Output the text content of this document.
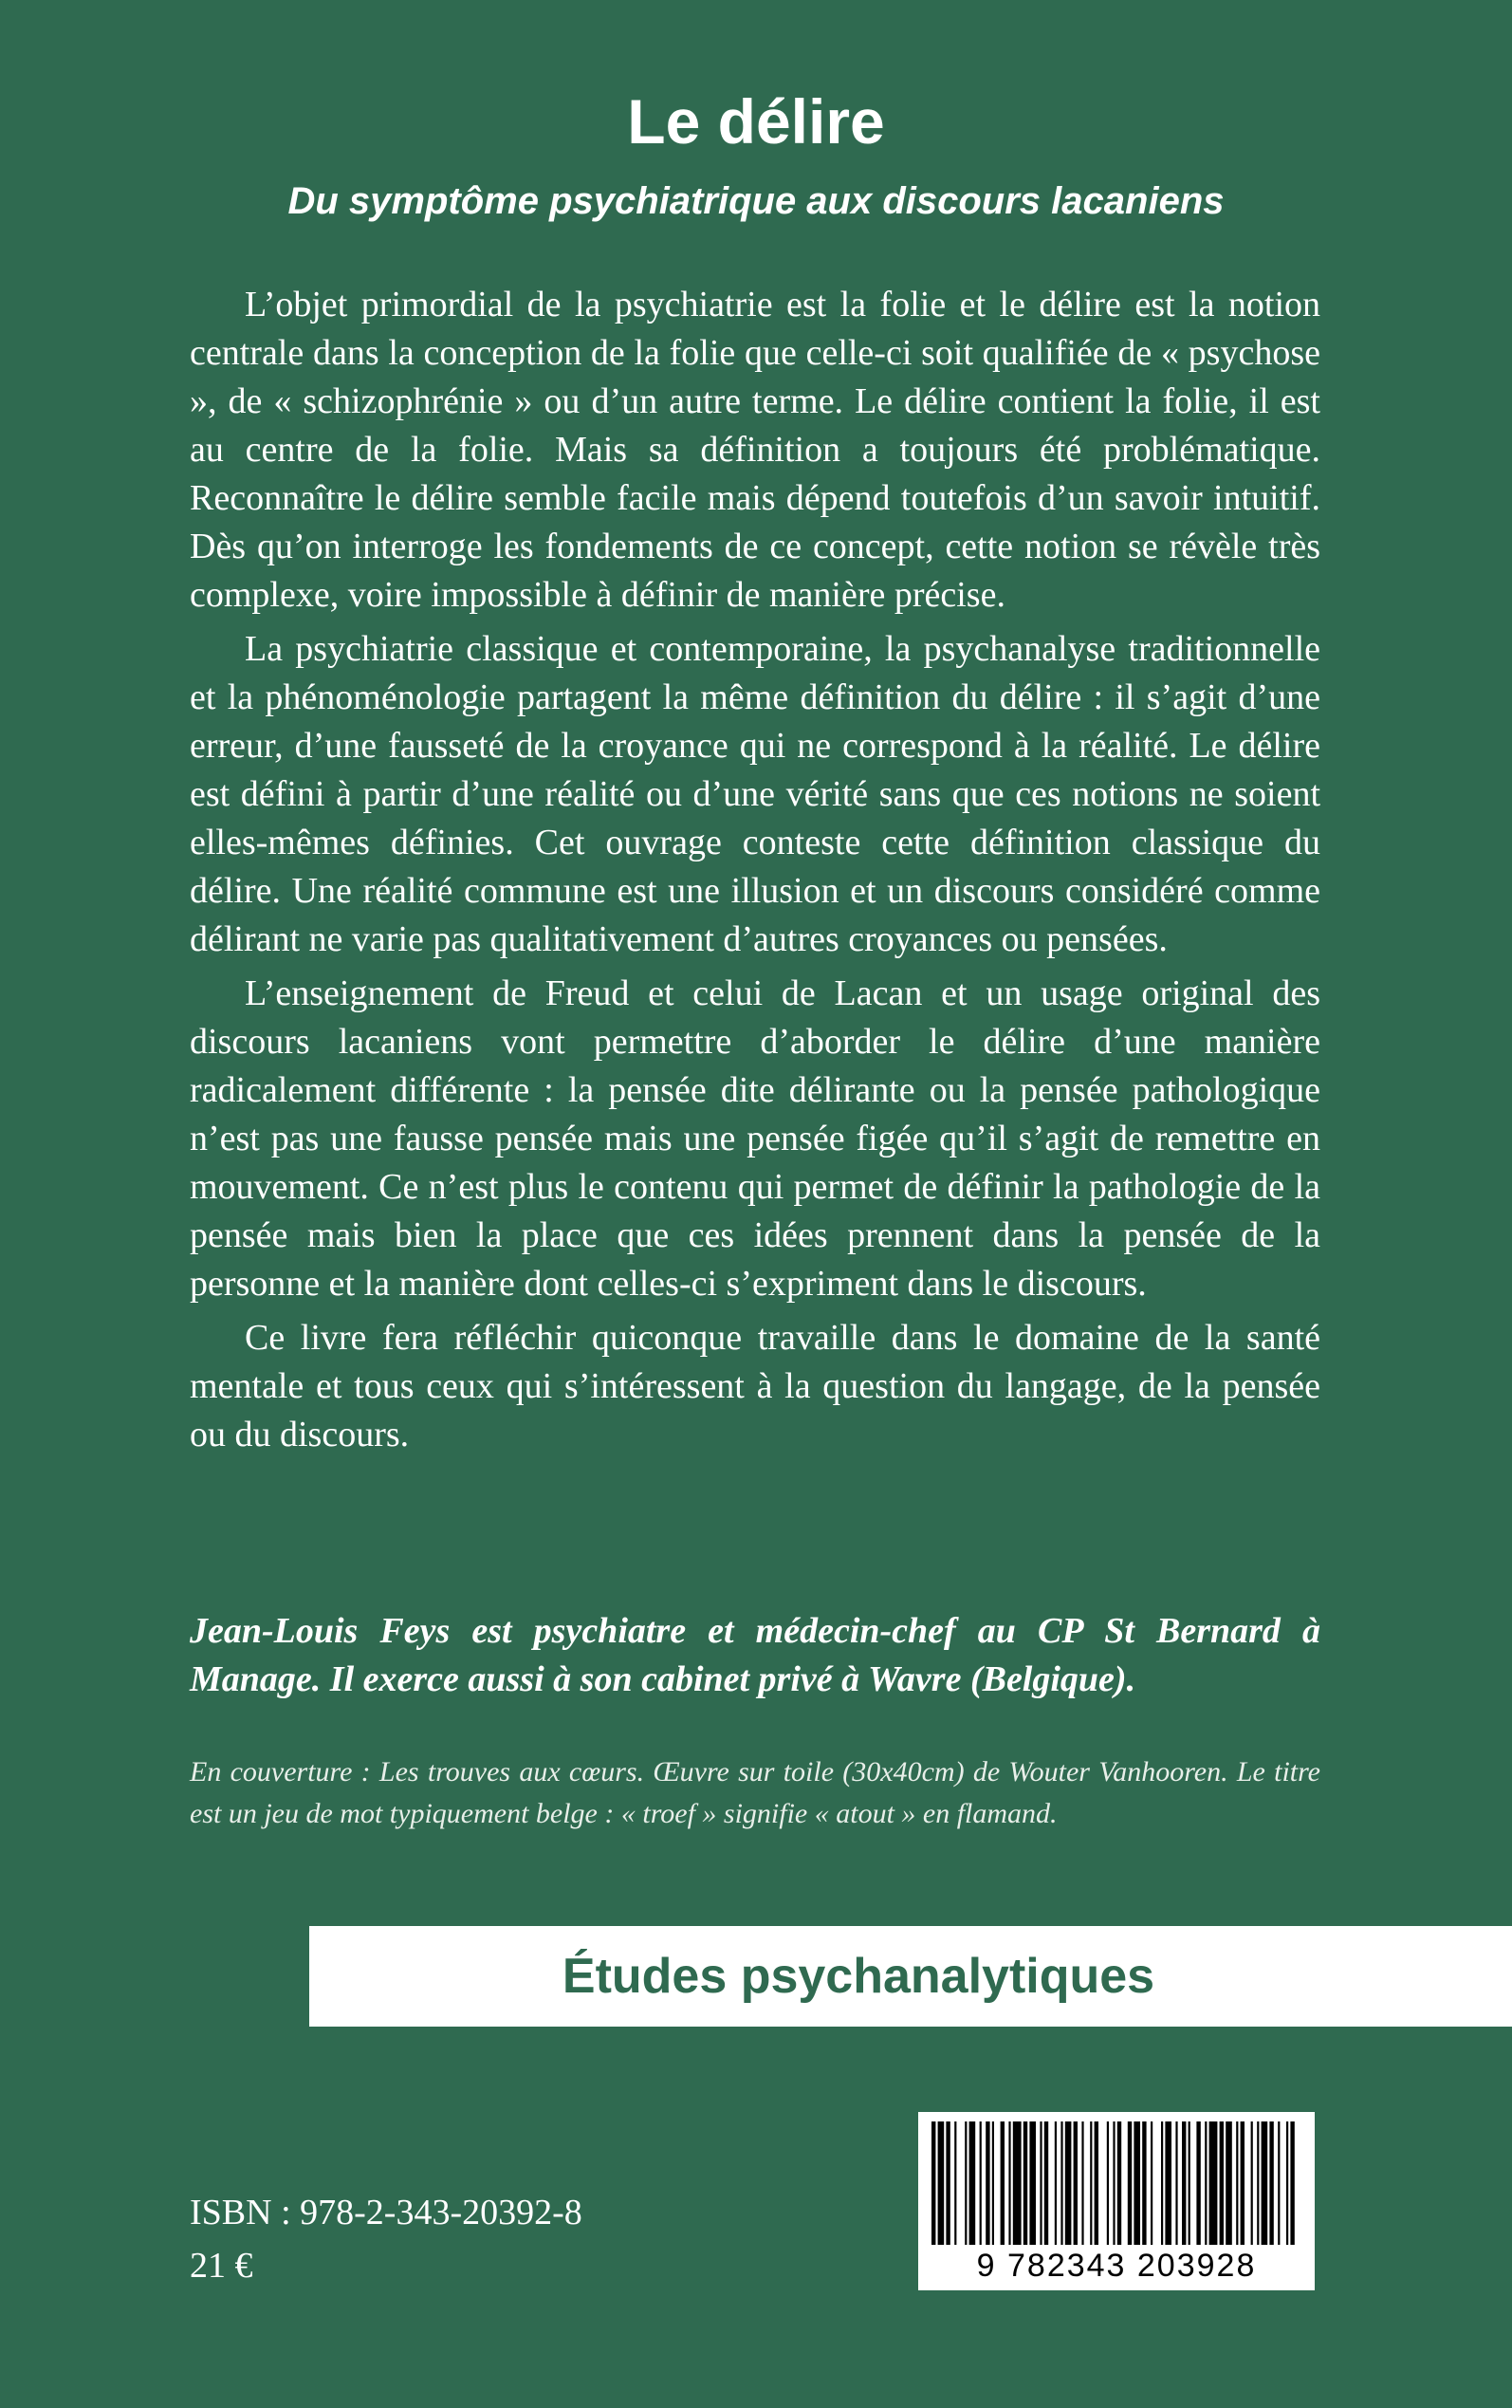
Le délire
Du symptôme psychiatrique aux discours lacaniens

L’objet primordial de la psychiatrie est la folie et le délire est la notion centrale dans la conception de la folie que celle-ci soit qualifiée de « psychose », de « schizophrénie » ou d’un autre terme. Le délire contient la folie, il est au centre de la folie. Mais sa définition a toujours été problématique. Reconnaître le délire semble facile mais dépend toutefois d’un savoir intuitif. Dès qu’on interroge les fondements de ce concept, cette notion se révèle très complexe, voire impossible à définir de manière précise.

La psychiatrie classique et contemporaine, la psychanalyse traditionnelle et la phénoménologie partagent la même définition du délire : il s’agit d’une erreur, d’une fausseté de la croyance qui ne correspond à la réalité. Le délire est défini à partir d’une réalité ou d’une vérité sans que ces notions ne soient elles-mêmes définies. Cet ouvrage conteste cette définition classique du délire. Une réalité commune est une illusion et un discours considéré comme délirant ne varie pas qualitativement d’autres croyances ou pensées.

L’enseignement de Freud et celui de Lacan et un usage original des discours lacaniens vont permettre d’aborder le délire d’une manière radicalement différente : la pensée dite délirante ou la pensée pathologique n’est pas une fausse pensée mais une pensée figée qu’il s’agit de remettre en mouvement. Ce n’est plus le contenu qui permet de définir la pathologie de la pensée mais bien la place que ces idées prennent dans la pensée de la personne et la manière dont celles-ci s’expriment dans le discours.

Ce livre fera réfléchir quiconque travaille dans le domaine de la santé mentale et tous ceux qui s’intéressent à la question du langage, de la pensée ou du discours.

Jean-Louis Feys est psychiatre et médecin-chef au CP St Bernard à Manage. Il exerce aussi à son cabinet privé à Wavre (Belgique).

En couverture : Les trouves aux cœurs. Œuvre sur toile (30x40cm) de Wouter Vanhooren. Le titre est un jeu de mot typiquement belge : « troef » signifie « atout » en flamand.

Études psychanalytiques

ISBN : 978-2-343-20392-8

21 €	9 782343 203928
